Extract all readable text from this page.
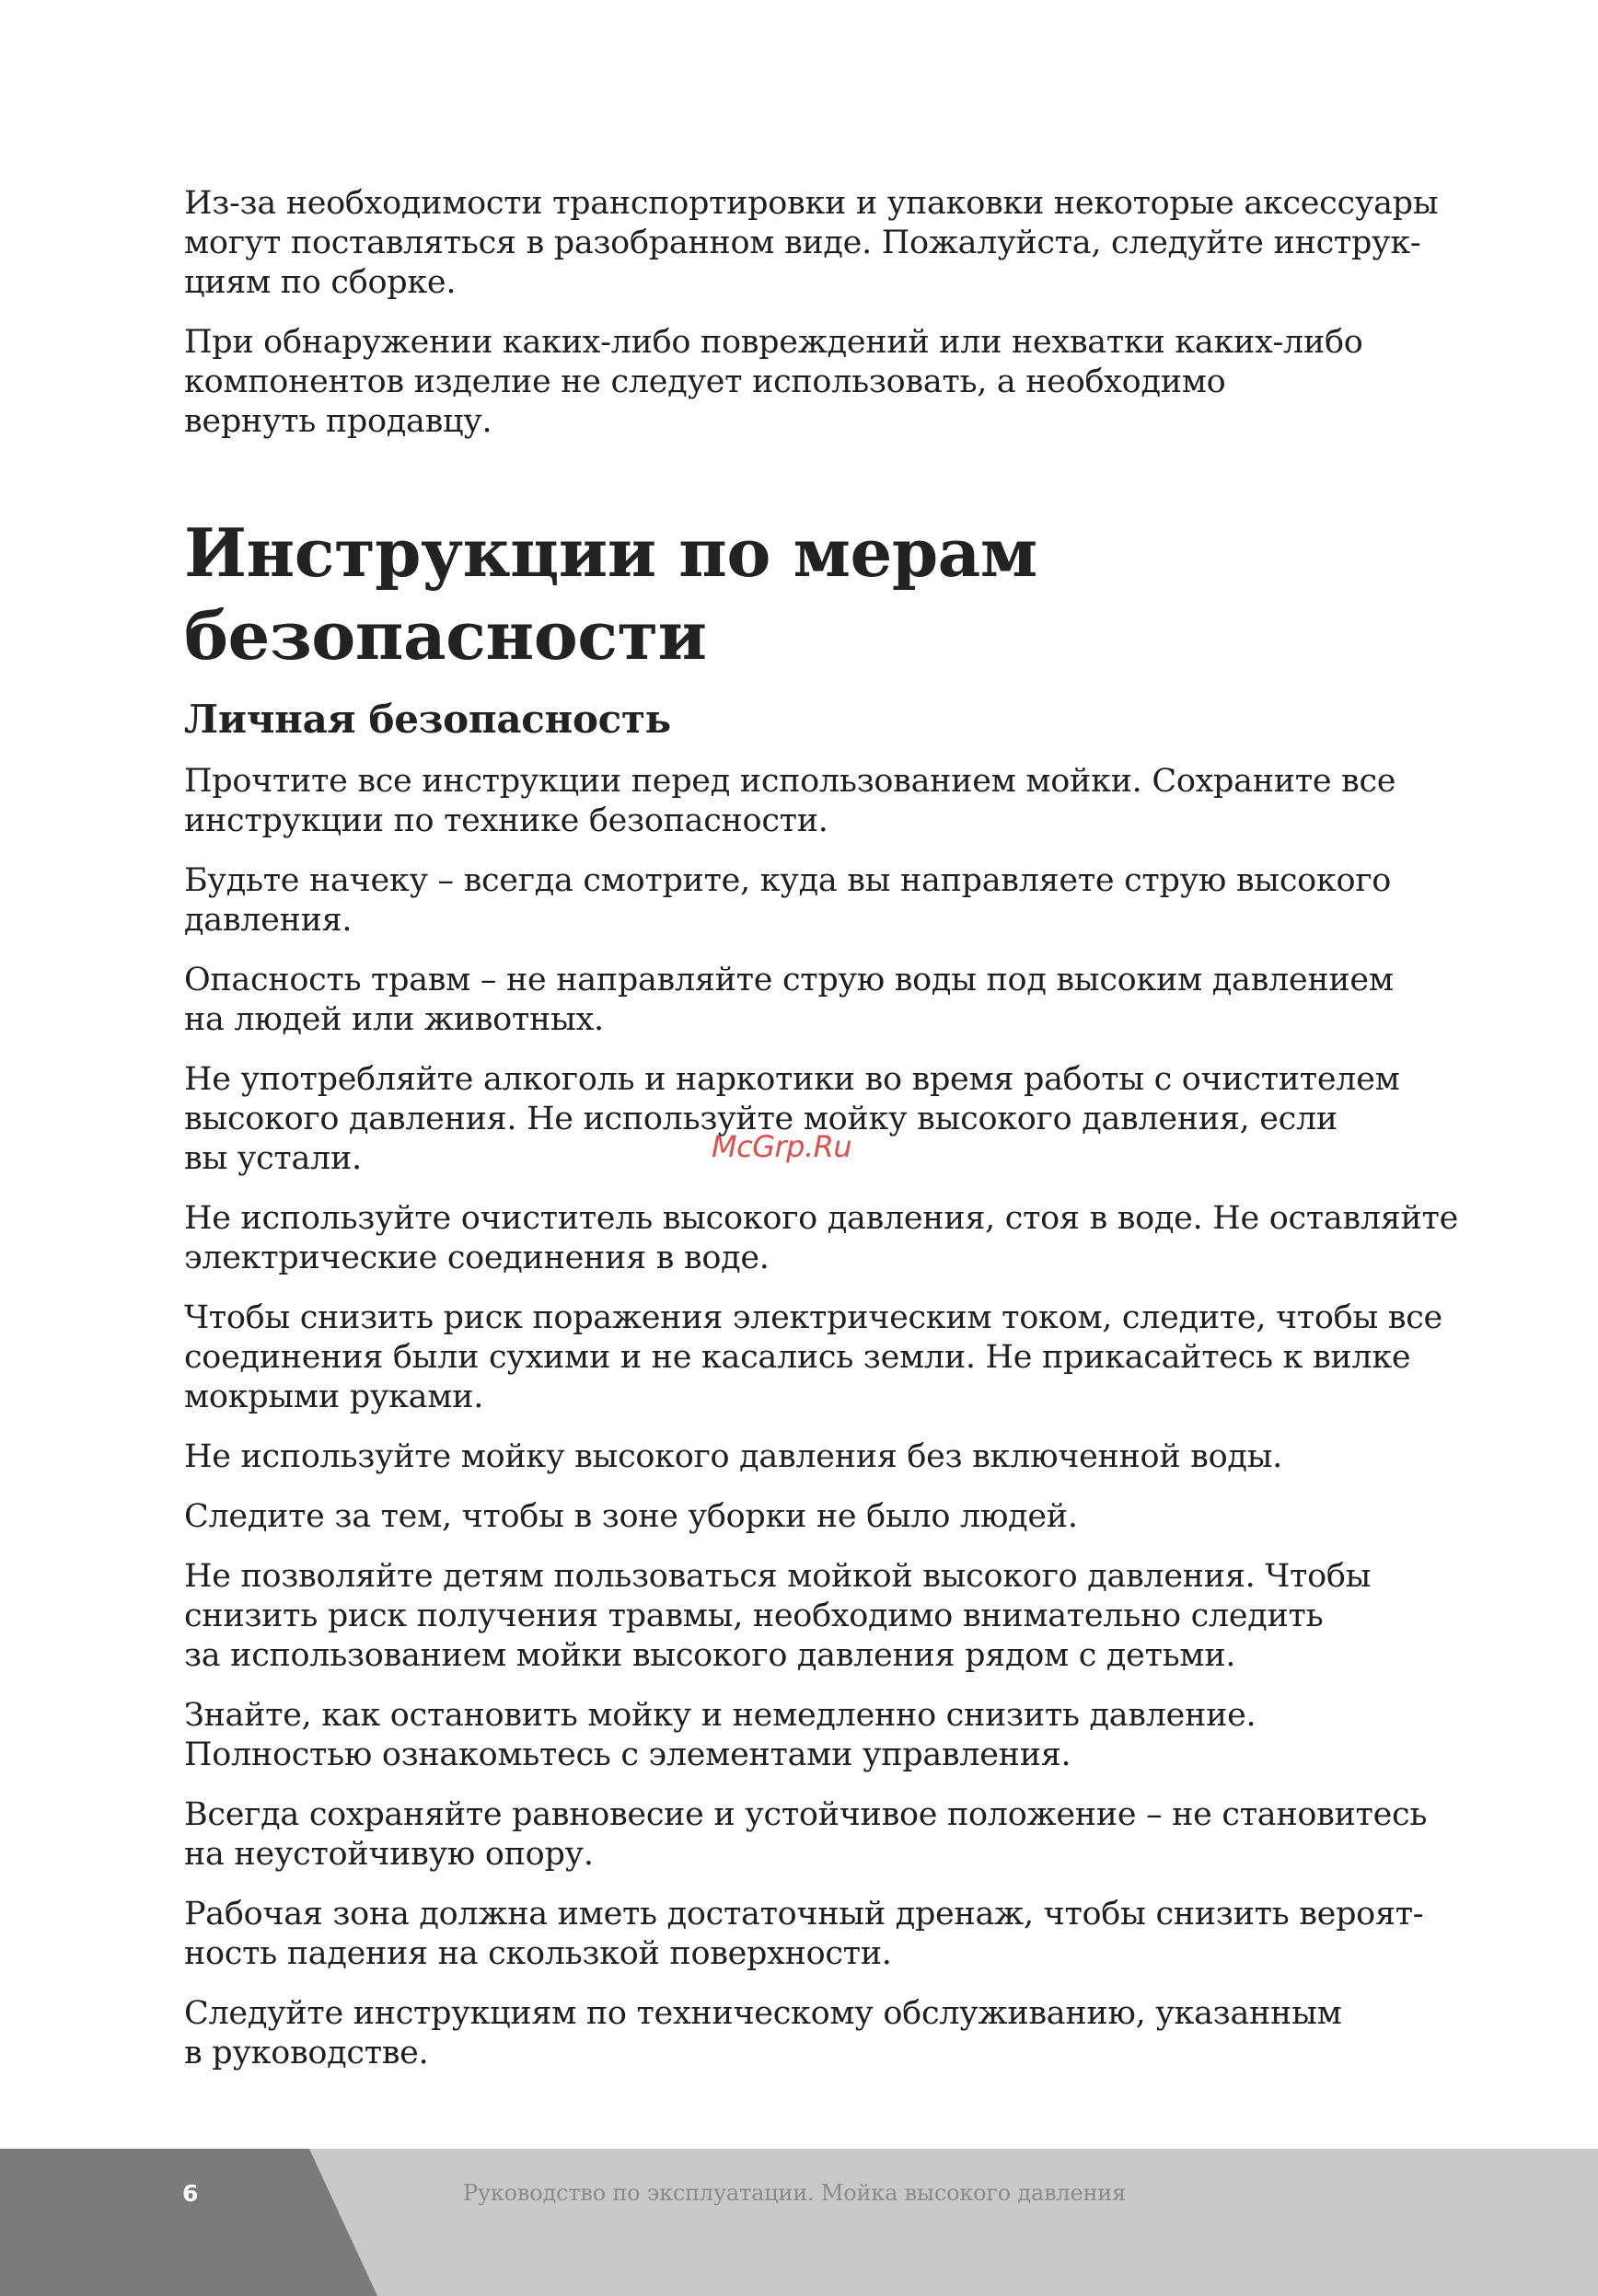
Из-за необходимости транспортировки и упаковки некоторые аксессуары
могут поставляться в разобранном виде. Пожалуйста, следуйте инструк-
циям по сборке.

При обнаружении каких-либо повреждений или нехватки каких-либо
компонентов изделие не следует использовать, а необходимо
вернуть продавцу.

Инструкции по мерам
безопасности
Личная безопасность

Прочтите все инструкции перед использованием мойки. Сохраните все
инструкции по технике безопасности.

Будьте начеку – всегда смотрите, куда вы направляете струю высокого
давления.

Опасность травм – не направляйте струю воды под высоким давлением
на людей или животных.

Не употребляйте алкоголь и наркотики во время работы с очистителем
высокого давления. Не используйте мойку высокого давления, если
вы устали.

Не используйте очиститель высокого давления, стоя в воде. Не оставляйте
электрические соединения в воде.

Чтобы снизить риск поражения электрическим током, следите, чтобы все
соединения были сухими и не касались земли. Не прикасайтесь к вилке
мокрыми руками.

Не используйте мойку высокого давления без включенной воды.

Следите за тем, чтобы в зоне уборки не было людей.

Не позволяйте детям пользоваться мойкой высокого давления. Чтобы
снизить риск получения травмы, необходимо внимательно следить
за использованием мойки высокого давления рядом с детьми.

Знайте, как остановить мойку и немедленно снизить давление.
Полностью ознакомьтесь с элементами управления.

Всегда сохраняйте равновесие и устойчивое положение – не становитесь
на неустойчивую опору.

Рабочая зона должна иметь достаточный дренаж, чтобы снизить вероят-
ность падения на скользкой поверхности.

Следуйте инструкциям по техническому обслуживанию, указанным
в руководстве.

McGrp.Ru
6	Руководство по эксплуатации. Мойка высокого давления
